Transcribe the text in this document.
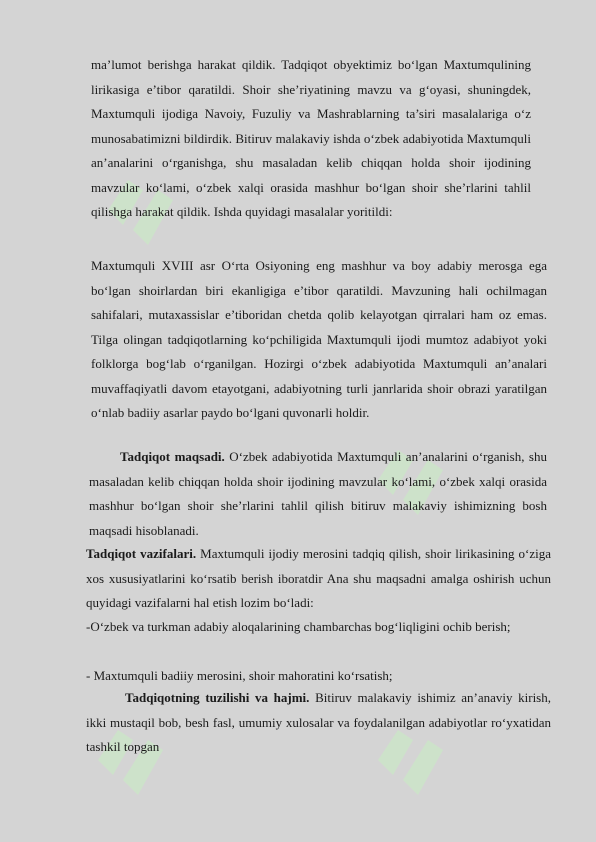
ma’lumot berishga harakat qildik. Tadqiqot obyektimiz bo‘lgan Maxtumqulining lirikasiga e’tibor qaratildi. Shoir she’riyatining mavzu va g‘oyasi, shuningdek, Maxtumquli ijodiga Navoiy, Fuzuliy va Mashrablarning ta’siri masalalariga o‘z munosabatimizni bildirdik. Bitiruv malakaviy ishda o‘zbek adabiyotida Maxtumquli an’analarini o‘rganishga, shu masaladan kelib chiqqan holda shoir ijodining mavzular ko‘lami, o‘zbek xalqi orasida mashhur bo‘lgan shoir she’rlarini tahlil qilishga harakat qildik. Ishda quyidagi masalalar yoritildi:

Maxtumquli XVIII asr O‘rta Osiyoning eng mashhur va boy adabiy merosga ega bo‘lgan shoirlardan biri ekanligiga e’tibor qaratildi. Mavzuning hali ochilmagan sahifalari, mutaxassislar e’tiboridan chetda qolib kelayotgan qirralari ham oz emas. Tilga olingan tadqiqotlarning ko‘pchiligida Maxtumquli ijodi mumtoz adabiyot yoki folklorga bog‘lab o‘rganilgan. Hozirgi o‘zbek adabiyotida Maxtumquli an’analari muvaffaqiyatli davom etayotgani, adabiyotning turli janrlarida shoir obrazi yaratilgan o‘nlab badiiy asarlar paydo bo‘lgani quvonarli holdir.

Tadqiqot maqsadi. O‘zbek adabiyotida Maxtumquli an’analarini o‘rganish, shu masaladan kelib chiqqan holda shoir ijodining mavzular ko‘lami, o‘zbek xalqi orasida mashhur bo‘lgan shoir she’rlarini tahlil qilish bitiruv malakaviy ishimizning bosh maqsadi hisoblanadi.

Tadqiqot vazifalari. Maxtumquli ijodiy merosini tadqiq qilish, shoir lirikasining o‘ziga xos xususiyatlarini ko‘rsatib berish iboratdir Ana shu maqsadni amalga oshirish uchun quyidagi vazifalarni hal etish lozim bo‘ladi:

-O‘zbek va turkman adabiy aloqalarining chambarchas bog‘liqligini ochib berish;

- Maxtumquli badiiy merosini, shoir mahoratini ko‘rsatish;

Tadqiqotning tuzilishi va hajmi. Bitiruv malakaviy ishimiz an’anaviy kirish, ikki mustaqil bob, besh fasl, umumiy xulosalar va foydalanilgan adabiyotlar ro‘yxatidan tashkil topgan
